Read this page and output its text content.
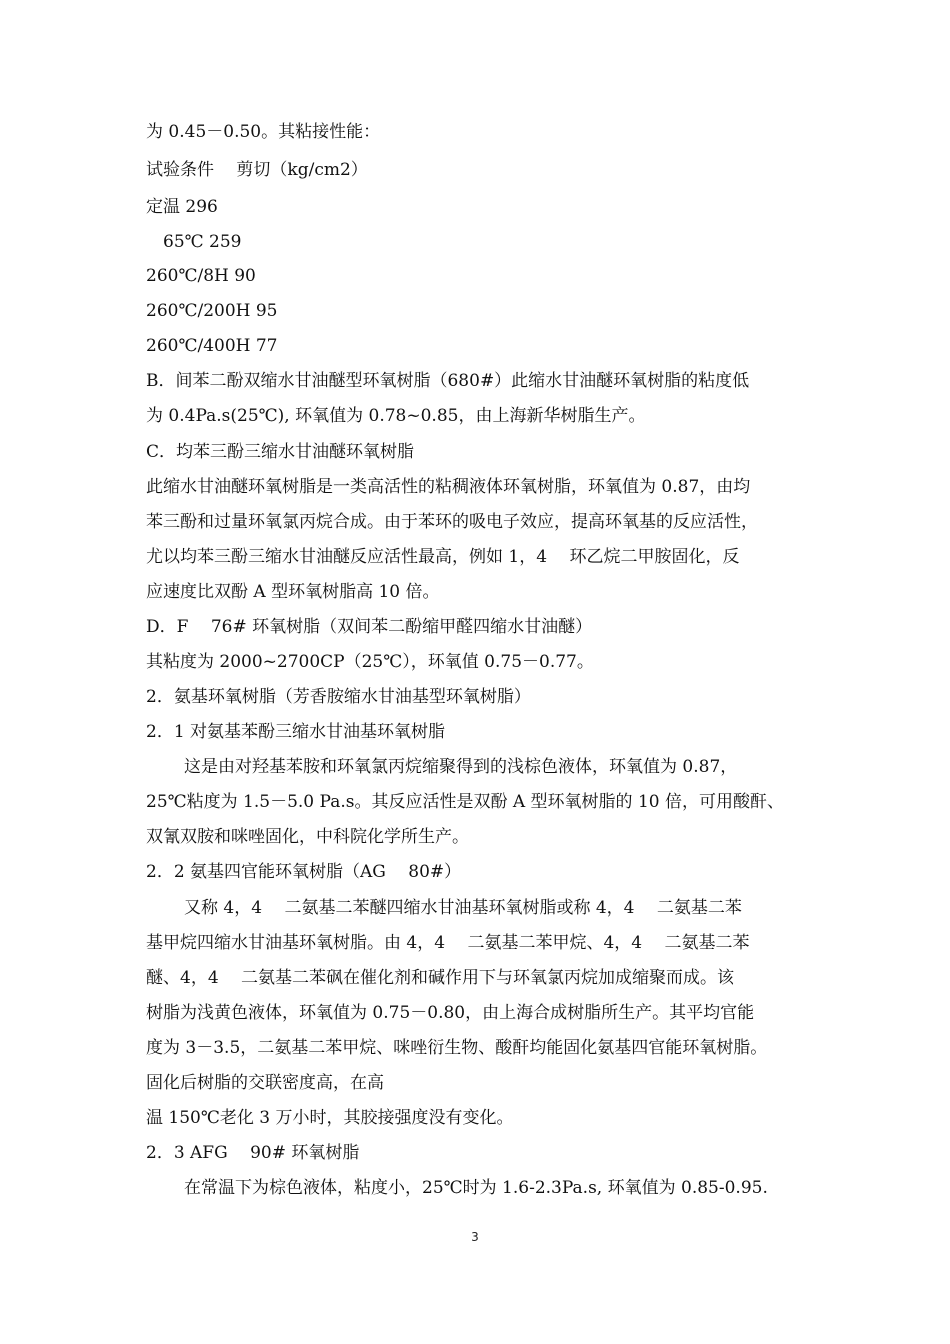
为 0.45－0.50。其粘接性能：
试验条件　 剪切（kg/cm2）
定温 296
65℃ 259
260℃/8H 90
260℃/200H 95
260℃/400H 77
B．间苯二酚双缩水甘油醚型环氧树脂（680#）此缩水甘油醚环氧树脂的粘度低
为 0.4Pa.s(25℃), 环氧值为 0.78~0.85，由上海新华树脂生产。
C．均苯三酚三缩水甘油醚环氧树脂
此缩水甘油醚环氧树脂是一类高活性的粘稠液体环氧树脂，环氧值为 0.87，由均
苯三酚和过量环氧氯丙烷合成。由于苯环的吸电子效应，提高环氧基的反应活性，
尤以均苯三酚三缩水甘油醚反应活性最高，例如 1，4　 环乙烷二甲胺固化，反
应速度比双酚 A 型环氧树脂高 10 倍。
D．F　 76# 环氧树脂（双间苯二酚缩甲醛四缩水甘油醚）
其粘度为 2000~2700CP（25℃），环氧值 0.75－0.77。
2．氨基环氧树脂（芳香胺缩水甘油基型环氧树脂）
2．1 对氨基苯酚三缩水甘油基环氧树脂
这是由对羟基苯胺和环氧氯丙烷缩聚得到的浅棕色液体，环氧值为 0.87，
25℃粘度为 1.5－5.0 Pa.s。其反应活性是双酚 A 型环氧树脂的 10 倍，可用酸酐、
双氰双胺和咪唑固化，中科院化学所生产。
2．2 氨基四官能环氧树脂（AG　 80#）
又称 4，4　 二氨基二苯醚四缩水甘油基环氧树脂或称 4，4　 二氨基二苯
基甲烷四缩水甘油基环氧树脂。由 4，4　 二氨基二苯甲烷、4，4　 二氨基二苯
醚、4，4　 二氨基二苯砜在催化剂和碱作用下与环氧氯丙烷加成缩聚而成。该
树脂为浅黄色液体，环氧值为 0.75－0.80，由上海合成树脂所生产。其平均官能
度为 3－3.5，二氨基二苯甲烷、咪唑衍生物、酸酐均能固化氨基四官能环氧树脂。
固化后树脂的交联密度高，在高
温 150℃老化 3 万小时，其胶接强度没有变化。
2．3 AFG　 90# 环氧树脂
在常温下为棕色液体，粘度小，25℃时为 1.6-2.3Pa.s, 环氧值为 0.85-0.95.
3
